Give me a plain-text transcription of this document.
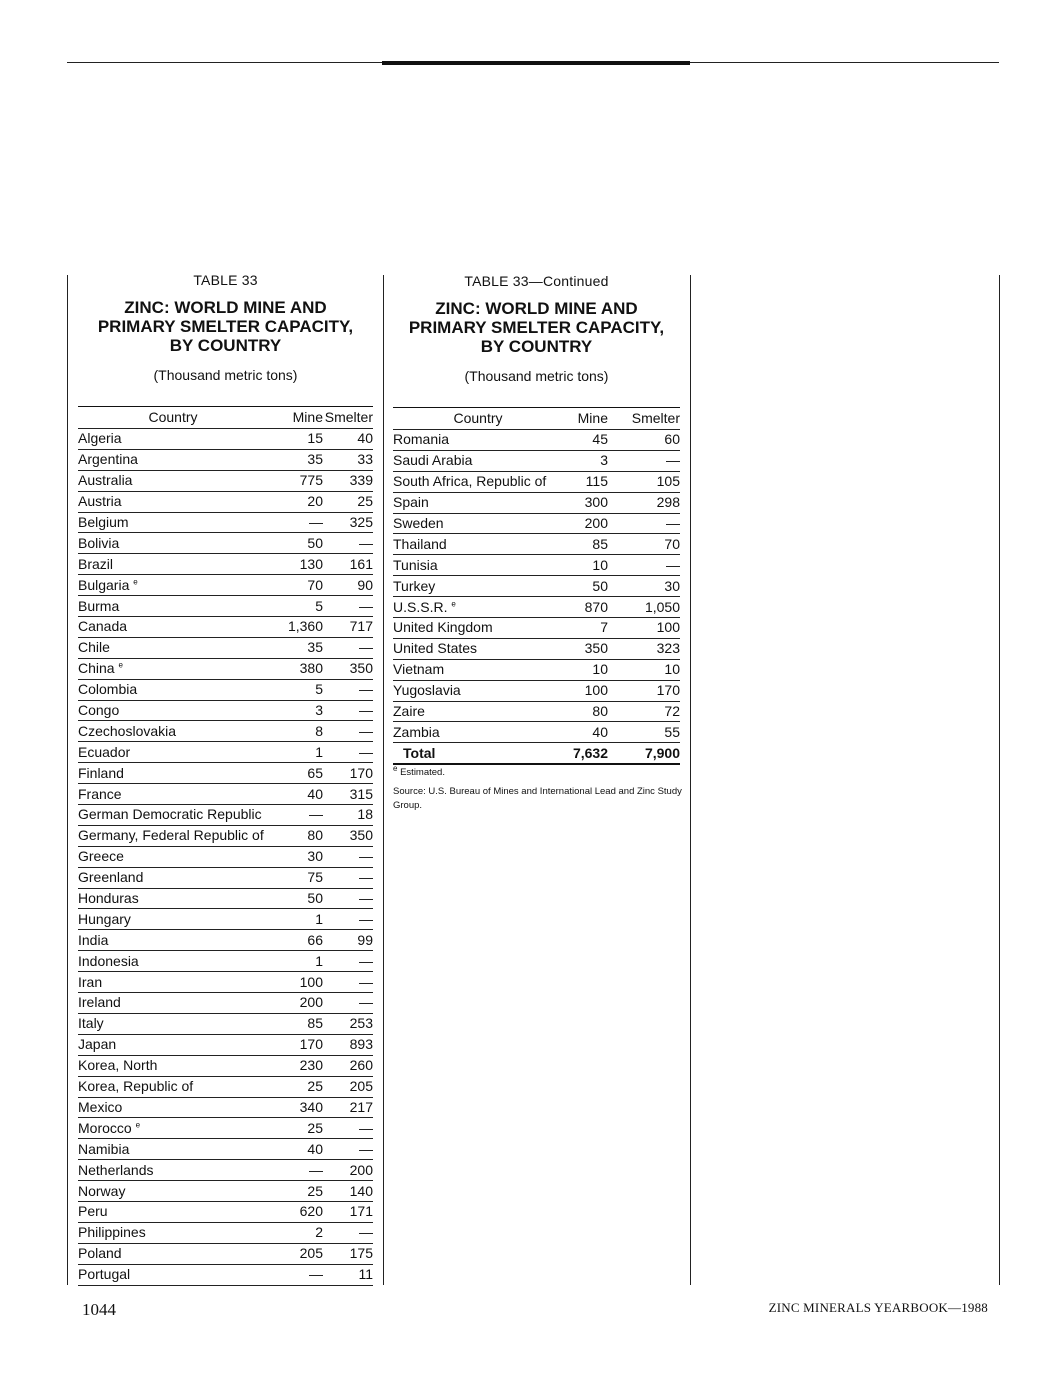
TABLE 33
ZINC: WORLD MINE AND
PRIMARY SMELTER CAPACITY,
BY COUNTRY
(Thousand metric tons)
Country	Mine	Smelter
Algeria	15	40
Argentina	35	33
Australia	775	339
Austria	20	25
Belgium	—	325
Bolivia	50	—
Brazil	130	161
Bulgaria $^e$	70	90
Burma	5	—
Canada	1,360	717
Chile	35	—
China $^e$	380	350
Colombia	5	—
Congo	3	—
Czechoslovakia	8	—
Ecuador	1	—
Finland	65	170
France	40	315
German Democratic Republic	—	18
Germany, Federal Republic of	80	350
Greece	30	—
Greenland	75	—
Honduras	50	—
Hungary	1	—
India	66	99
Indonesia	1	—
Iran	100	—
Ireland	200	—
Italy	85	253
Japan	170	893
Korea, North	230	260
Korea, Republic of	25	205
Mexico	340	217
Morocco $^e$	25	—
Namibia	40	—
Netherlands	—	200
Norway	25	140
Peru	620	171
Philippines	2	—
Poland	205	175
Portugal	—	11
TABLE 33—Continued
ZINC: WORLD MINE AND
PRIMARY SMELTER CAPACITY,
BY COUNTRY
(Thousand metric tons)
Country	Mine	Smelter
Romania	45	60
Saudi Arabia	3	—
South Africa, Republic of	115	105
Spain	300	298
Sweden	200	—
Thailand	85	70
Tunisia	10	—
Turkey	50	30
U.S.S.R. $^e$	870	1,050
United Kingdom	7	100
United States	350	323
Vietnam	10	10
Yugoslavia	100	170
Zaire	80	72
Zambia	40	55
Total	7,632	7,900
$^e$ Estimated.
Source: U.S. Bureau of Mines and International Lead and Zinc Study Group.
1044	ZINC MINERALS YEARBOOK—1988
